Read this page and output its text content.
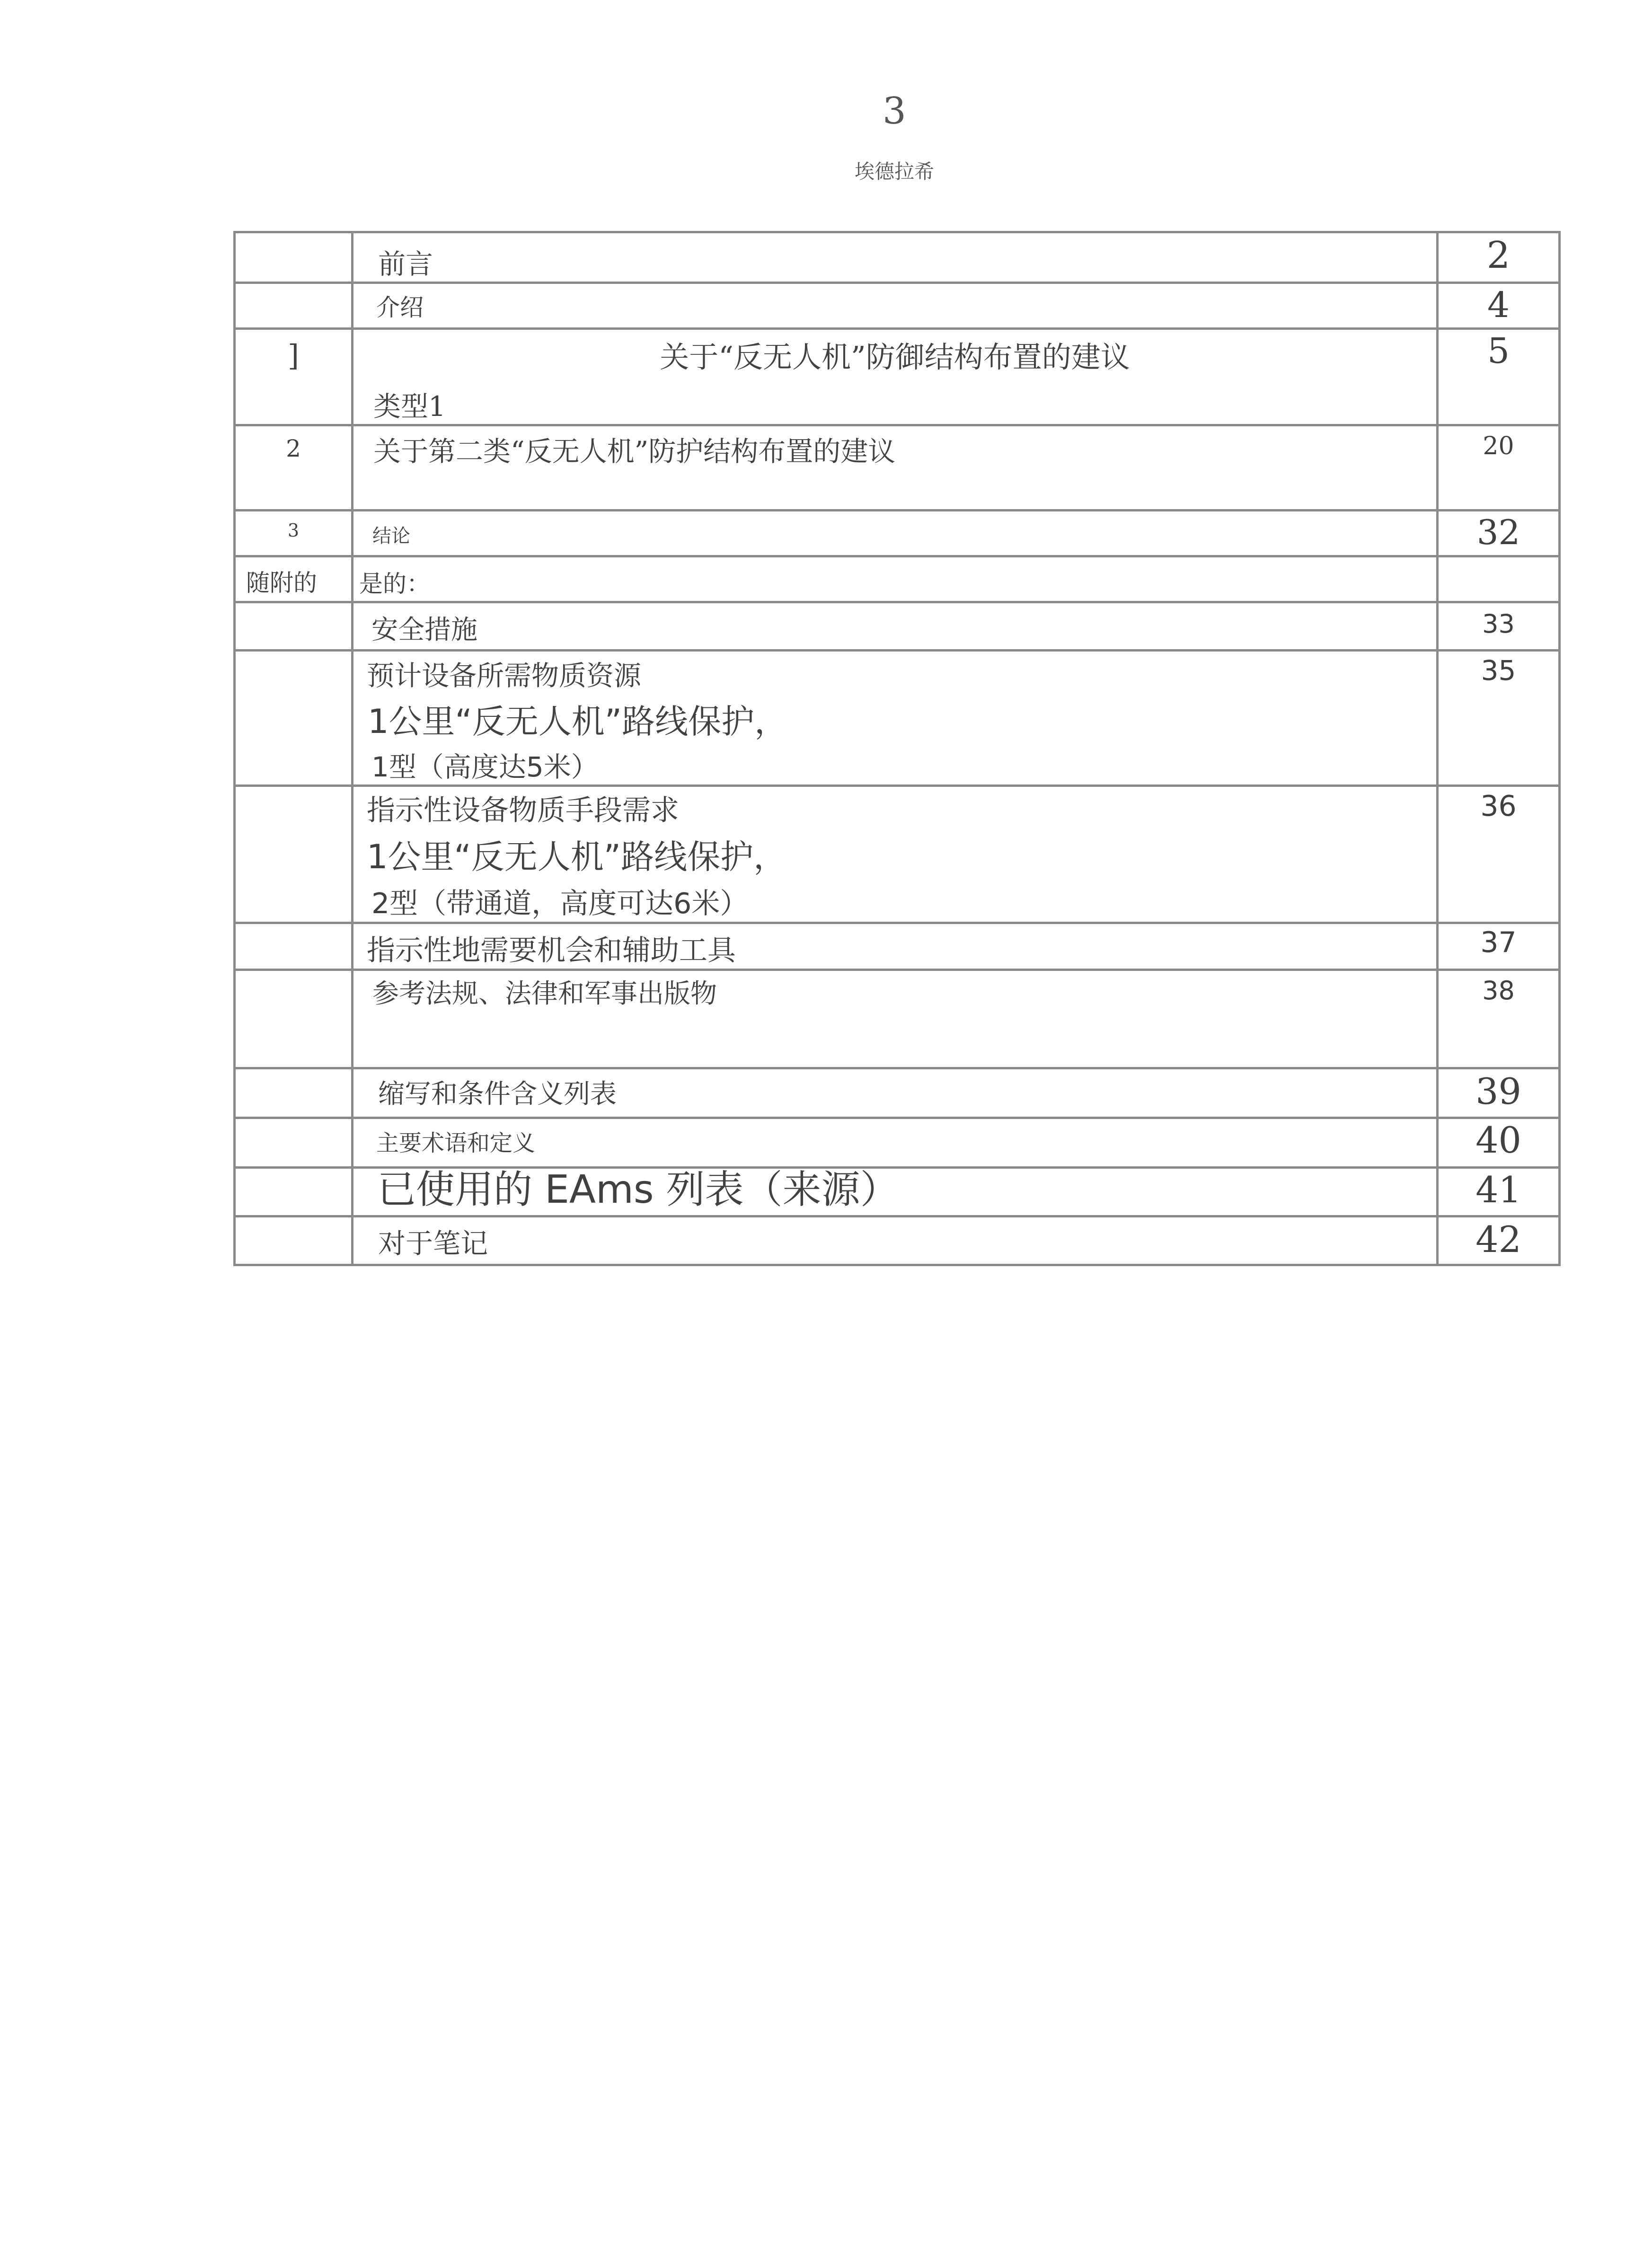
3
埃德拉希

	前言	2

	介绍	4

]	关于“反无人机”防御结构布置的建议
类型1	5

2	关于第二类“反无人机”防护结构布置的建议	20

3	结论	32

随附的	是的：	

	安全措施	33

	预计设备所需物质资源
1公里“反无人机”路线保护，
1型（高度达5米）	35

	指示性设备物质手段需求
1公里“反无人机”路线保护，
2型（带通道，高度可达6米）	36

	指示性地需要机会和辅助工具	37

	参考法规、法律和军事出版物	38

	缩写和条件含义列表	39

	主要术语和定义	40

	已使用的 EAms 列表（来源）	41

	对于笔记	42
